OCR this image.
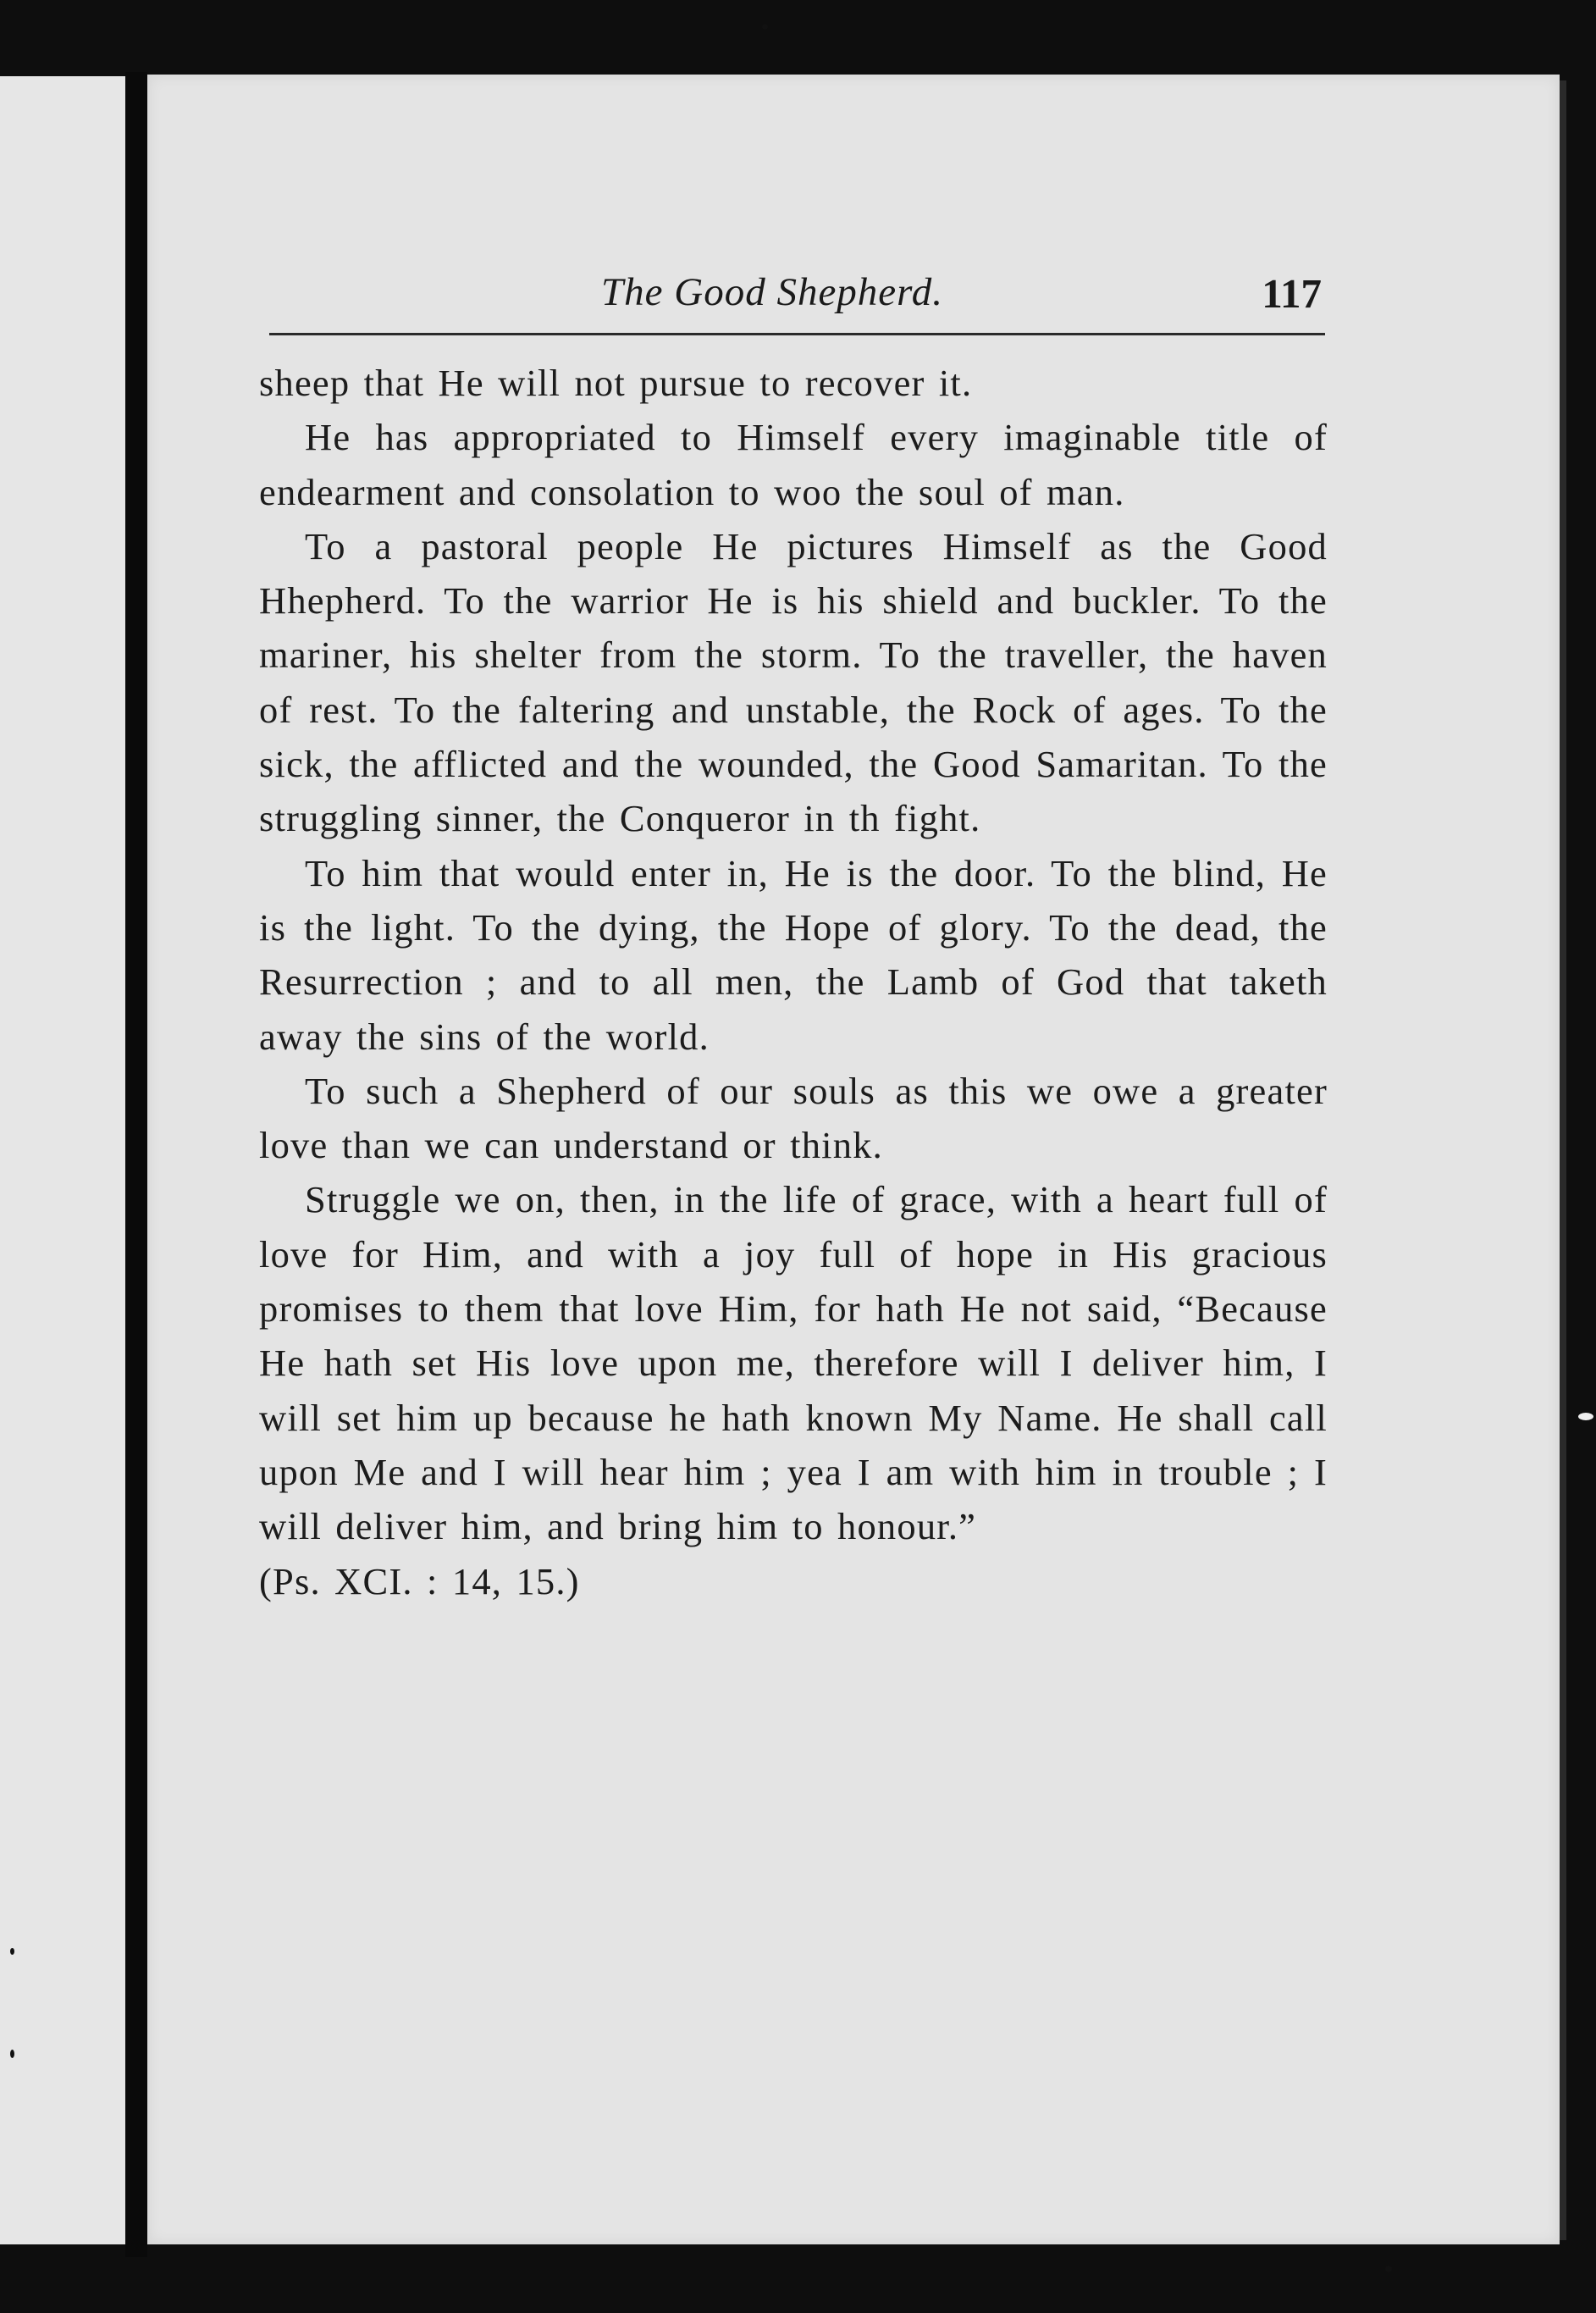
The Good Shepherd.	117

sheep that He will not pursue to recover it.

He has appropriated to Himself every imaginable title of endearment and consolation to woo the soul of man.

To a pastoral people He pictures Himself as the Good Hhepherd. To the warrior He is his shield and buckler. To the mariner, his shelter from the storm. To the traveller, the haven of rest. To the faltering and unstable, the Rock of ages. To the sick, the afflicted and the wounded, the Good Samaritan. To the struggling sinner, the Conqueror in th fight.

To him that would enter in, He is the door. To the blind, He is the light. To the dying, the Hope of glory. To the dead, the Resurrection ; and to all men, the Lamb of God that taketh away the sins of the world.

To such a Shepherd of our souls as this we owe a greater love than we can understand or think.

Struggle we on, then, in the life of grace, with a heart full of love for Him, and with a joy full of hope in His gracious promises to them that love Him, for hath He not said, “Because He hath set His love upon me, therefore will I deliver him, I will set him up because he hath known My Name. He shall call upon Me and I will hear him ; yea I am with him in trouble ; I will deliver him, and bring him to honour.”

(Ps. XCI. : 14, 15.)
